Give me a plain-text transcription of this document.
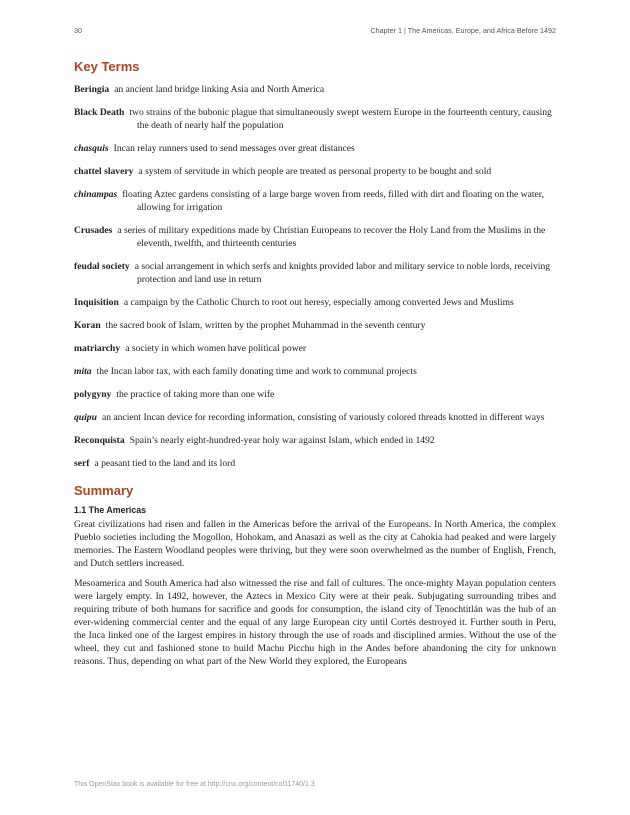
30	Chapter 1 | The Americas, Europe, and Africa Before 1492
Key Terms

Beringia an ancient land bridge linking Asia and North America

Black Death two strains of the bubonic plague that simultaneously swept western Europe in the fourteenth century, causing the death of nearly half the population

chasquis Incan relay runners used to send messages over great distances

chattel slavery a system of servitude in which people are treated as personal property to be bought and sold

chinampas floating Aztec gardens consisting of a large barge woven from reeds, filled with dirt and floating on the water, allowing for irrigation

Crusades a series of military expeditions made by Christian Europeans to recover the Holy Land from the Muslims in the eleventh, twelfth, and thirteenth centuries

feudal society a social arrangement in which serfs and knights provided labor and military service to noble lords, receiving protection and land use in return

Inquisition a campaign by the Catholic Church to root out heresy, especially among converted Jews and Muslims

Koran the sacred book of Islam, written by the prophet Muhammad in the seventh century

matriarchy a society in which women have political power

mita the Incan labor tax, with each family donating time and work to communal projects

polygyny the practice of taking more than one wife

quipu an ancient Incan device for recording information, consisting of variously colored threads knotted in different ways

Reconquista Spain’s nearly eight-hundred-year holy war against Islam, which ended in 1492

serf a peasant tied to the land and its lord

Summary
1.1 The Americas

Great civilizations had risen and fallen in the Americas before the arrival of the Europeans. In North America, the complex Pueblo societies including the Mogollon, Hohokam, and Anasazi as well as the city at Cahokia had peaked and were largely memories. The Eastern Woodland peoples were thriving, but they were soon overwhelmed as the number of English, French, and Dutch settlers increased.

Mesoamerica and South America had also witnessed the rise and fall of cultures. The once-mighty Mayan population centers were largely empty. In 1492, however, the Aztecs in Mexico City were at their peak. Subjugating surrounding tribes and requiring tribute of both humans for sacrifice and goods for consumption, the island city of Tenochtitlán was the hub of an ever-widening commercial center and the equal of any large European city until Cortés destroyed it. Further south in Peru, the Inca linked one of the largest empires in history through the use of roads and disciplined armies. Without the use of the wheel, they cut and fashioned stone to build Machu Picchu high in the Andes before abandoning the city for unknown reasons. Thus, depending on what part of the New World they explored, the Europeans

This OpenStax book is available for free at http://cnx.org/content/col11740/1.3
